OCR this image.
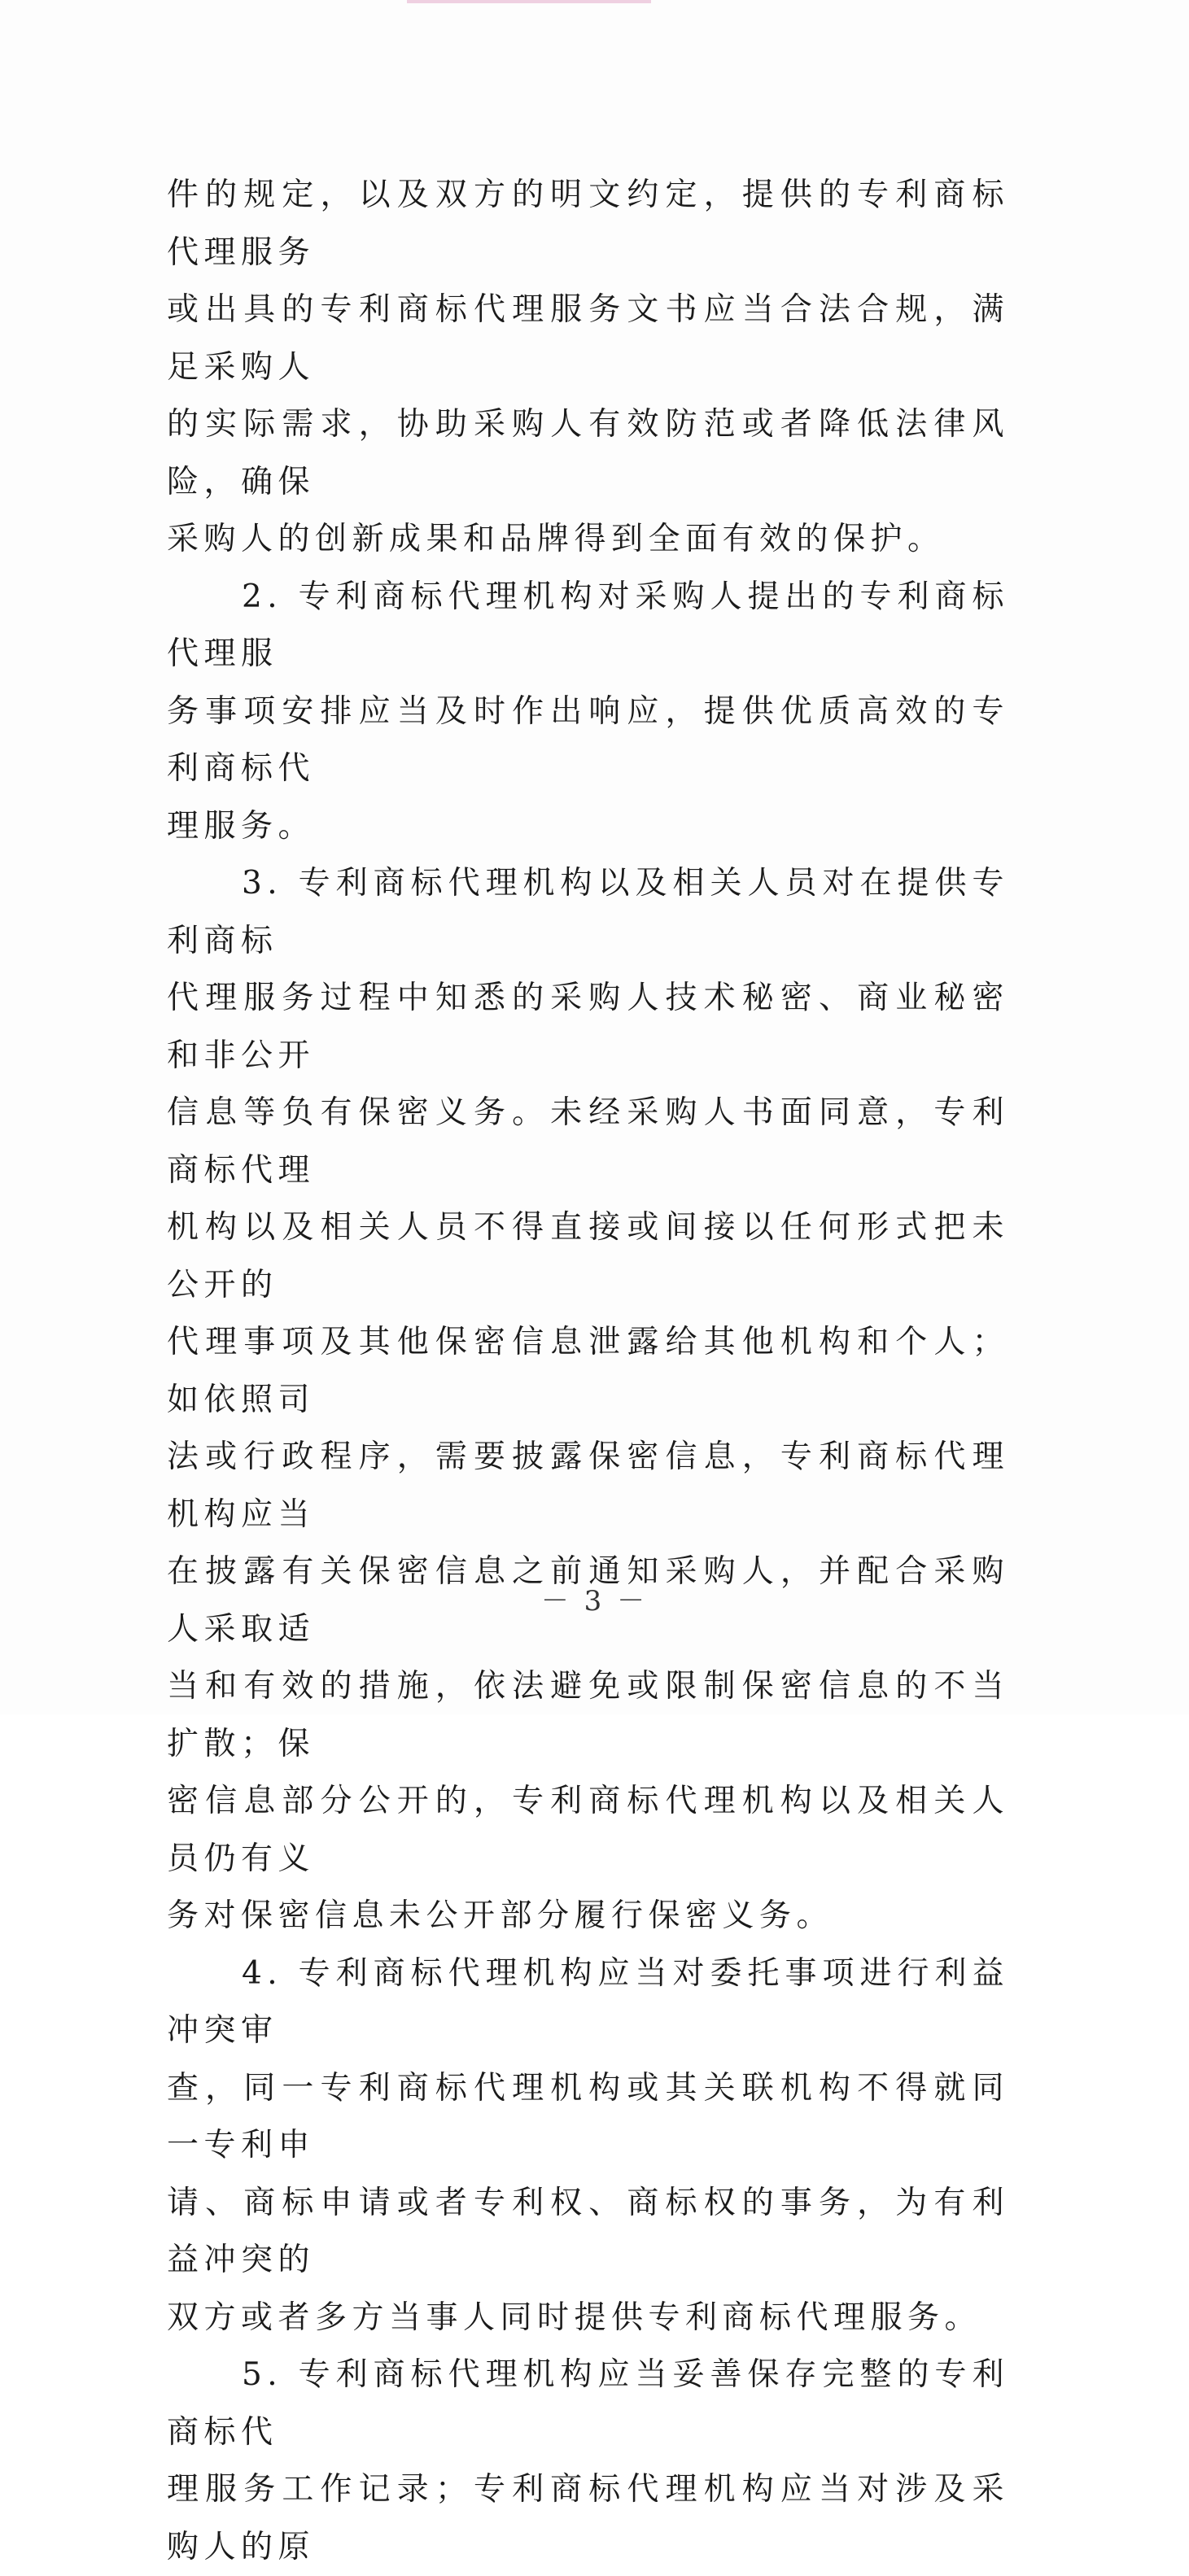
件的规定，以及双方的明文约定，提供的专利商标代理服务
或出具的专利商标代理服务文书应当合法合规，满足采购人
的实际需求，协助采购人有效防范或者降低法律风险，确保
采购人的创新成果和品牌得到全面有效的保护。

　　2. 专利商标代理机构对采购人提出的专利商标代理服
务事项安排应当及时作出响应，提供优质高效的专利商标代
理服务。

　　3. 专利商标代理机构以及相关人员对在提供专利商标
代理服务过程中知悉的采购人技术秘密、商业秘密和非公开
信息等负有保密义务。未经采购人书面同意，专利商标代理
机构以及相关人员不得直接或间接以任何形式把未公开的
代理事项及其他保密信息泄露给其他机构和个人；如依照司
法或行政程序，需要披露保密信息，专利商标代理机构应当
在披露有关保密信息之前通知采购人，并配合采购人采取适
当和有效的措施，依法避免或限制保密信息的不当扩散；保
密信息部分公开的，专利商标代理机构以及相关人员仍有义
务对保密信息未公开部分履行保密义务。

　　4. 专利商标代理机构应当对委托事项进行利益冲突审
查，同一专利商标代理机构或其关联机构不得就同一专利申
请、商标申请或者专利权、商标权的事务，为有利益冲突的
双方或者多方当事人同时提供专利商标代理服务。

　　5. 专利商标代理机构应当妥善保存完整的专利商标代
理服务工作记录；专利商标代理机构应当对涉及采购人的原

－ 3 －
